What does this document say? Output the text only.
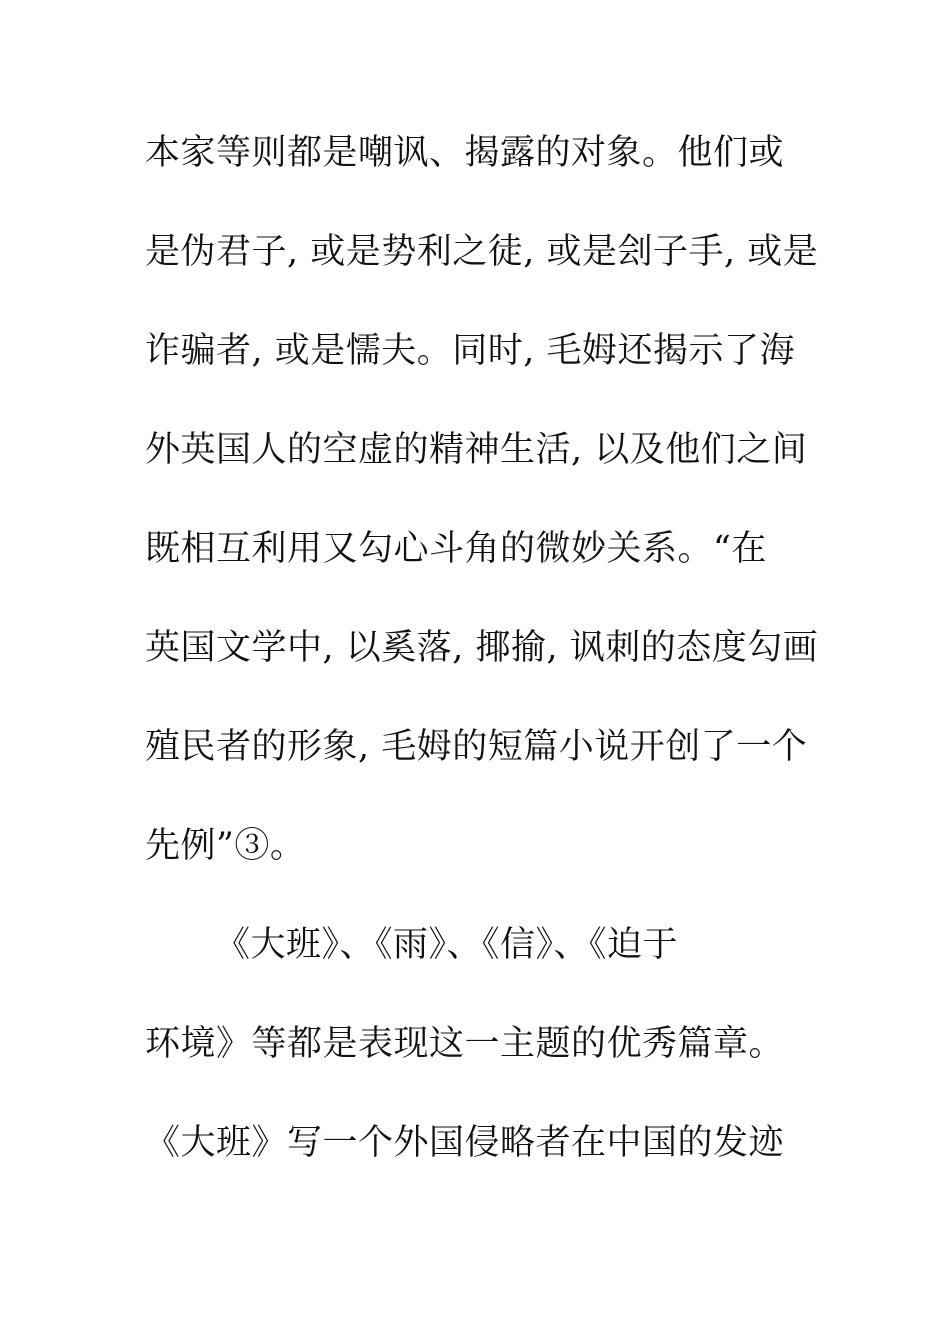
本家等则都是嘲讽、揭露的对象。他们或
是伪君子, 或是势利之徒, 或是刽子手, 或是
诈骗者, 或是懦夫。同时, 毛姆还揭示了海
外英国人的空虚的精神生活, 以及他们之间
既相互利用又勾心斗角的微妙关系。“在
英国文学中, 以奚落, 揶揄, 讽刺的态度勾画
殖民者的形象, 毛姆的短篇小说开创了一个
先例”③。
《大班》、《雨》、《信》、《迫于
环境》等都是表现这一主题的优秀篇章。
《大班》写一个外国侵略者在中国的发迹
